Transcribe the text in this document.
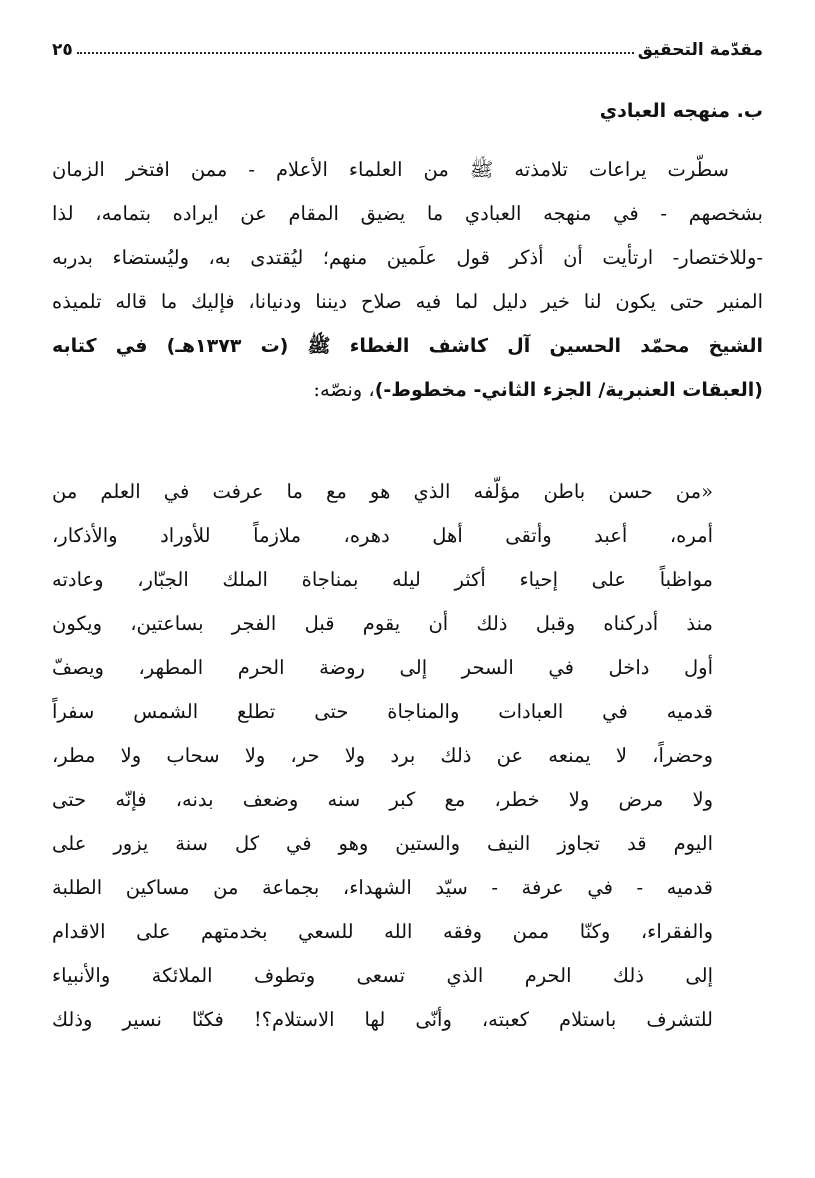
مقدّمة التحقيق
٢٥
ب. منهجه العبادي
سطّرت يراعات تلامذته ﷺ من العلماء الأعلام - ممن افتخر الزمان
بشخصهم - في منهجه العبادي ما يضيق المقام عن ايراده بتمامه، لذا
-وللاختصار- ارتأيت أن أذكر قول علَمين منهم؛ ليُقتدى به، وليُستضاء بدربه
المنير حتى يكون لنا خير دليل لما فيه صلاح ديننا ودنيانا، فإليك ما قاله تلميذه
الشيخ محمّد الحسين آل كاشف الغطاء ﷺ (ت ١٣٧٣هـ) في كتابه
(العبقات العنبرية/ الجزء الثاني- مخطوط-)، ونصّه:
«من حسن باطن مؤلّفه الذي هو مع ما عرفت في العلم من
أمره، أعبد وأتقى أهل دهره، ملازماً للأوراد والأذكار،
مواظباً على إحياء أكثر ليله بمناجاة الملك الجبّار، وعادته
منذ أدركناه وقبل ذلك أن يقوم قبل الفجر بساعتين، ويكون
أول داخل في السحر إلى روضة الحرم المطهر، ويصفّ
قدميه في العبادات والمناجاة حتى تطلع الشمس سفراً
وحضراً، لا يمنعه عن ذلك برد ولا حر، ولا سحاب ولا مطر،
ولا مرض ولا خطر، مع كبر سنه وضعف بدنه، فإنّه حتى
اليوم قد تجاوز النيف والستين وهو في كل سنة يزور على
قدميه - في عرفة - سيّد الشهداء، بجماعة من مساكين الطلبة
والفقراء، وكنّا ممن وفقه الله للسعي بخدمتهم على الاقدام
إلى ذلك الحرم الذي تسعى وتطوف الملائكة والأنبياء
للتشرف باستلام كعبته، وأنّى لها الاستلام؟! فكنّا نسير وذلك
